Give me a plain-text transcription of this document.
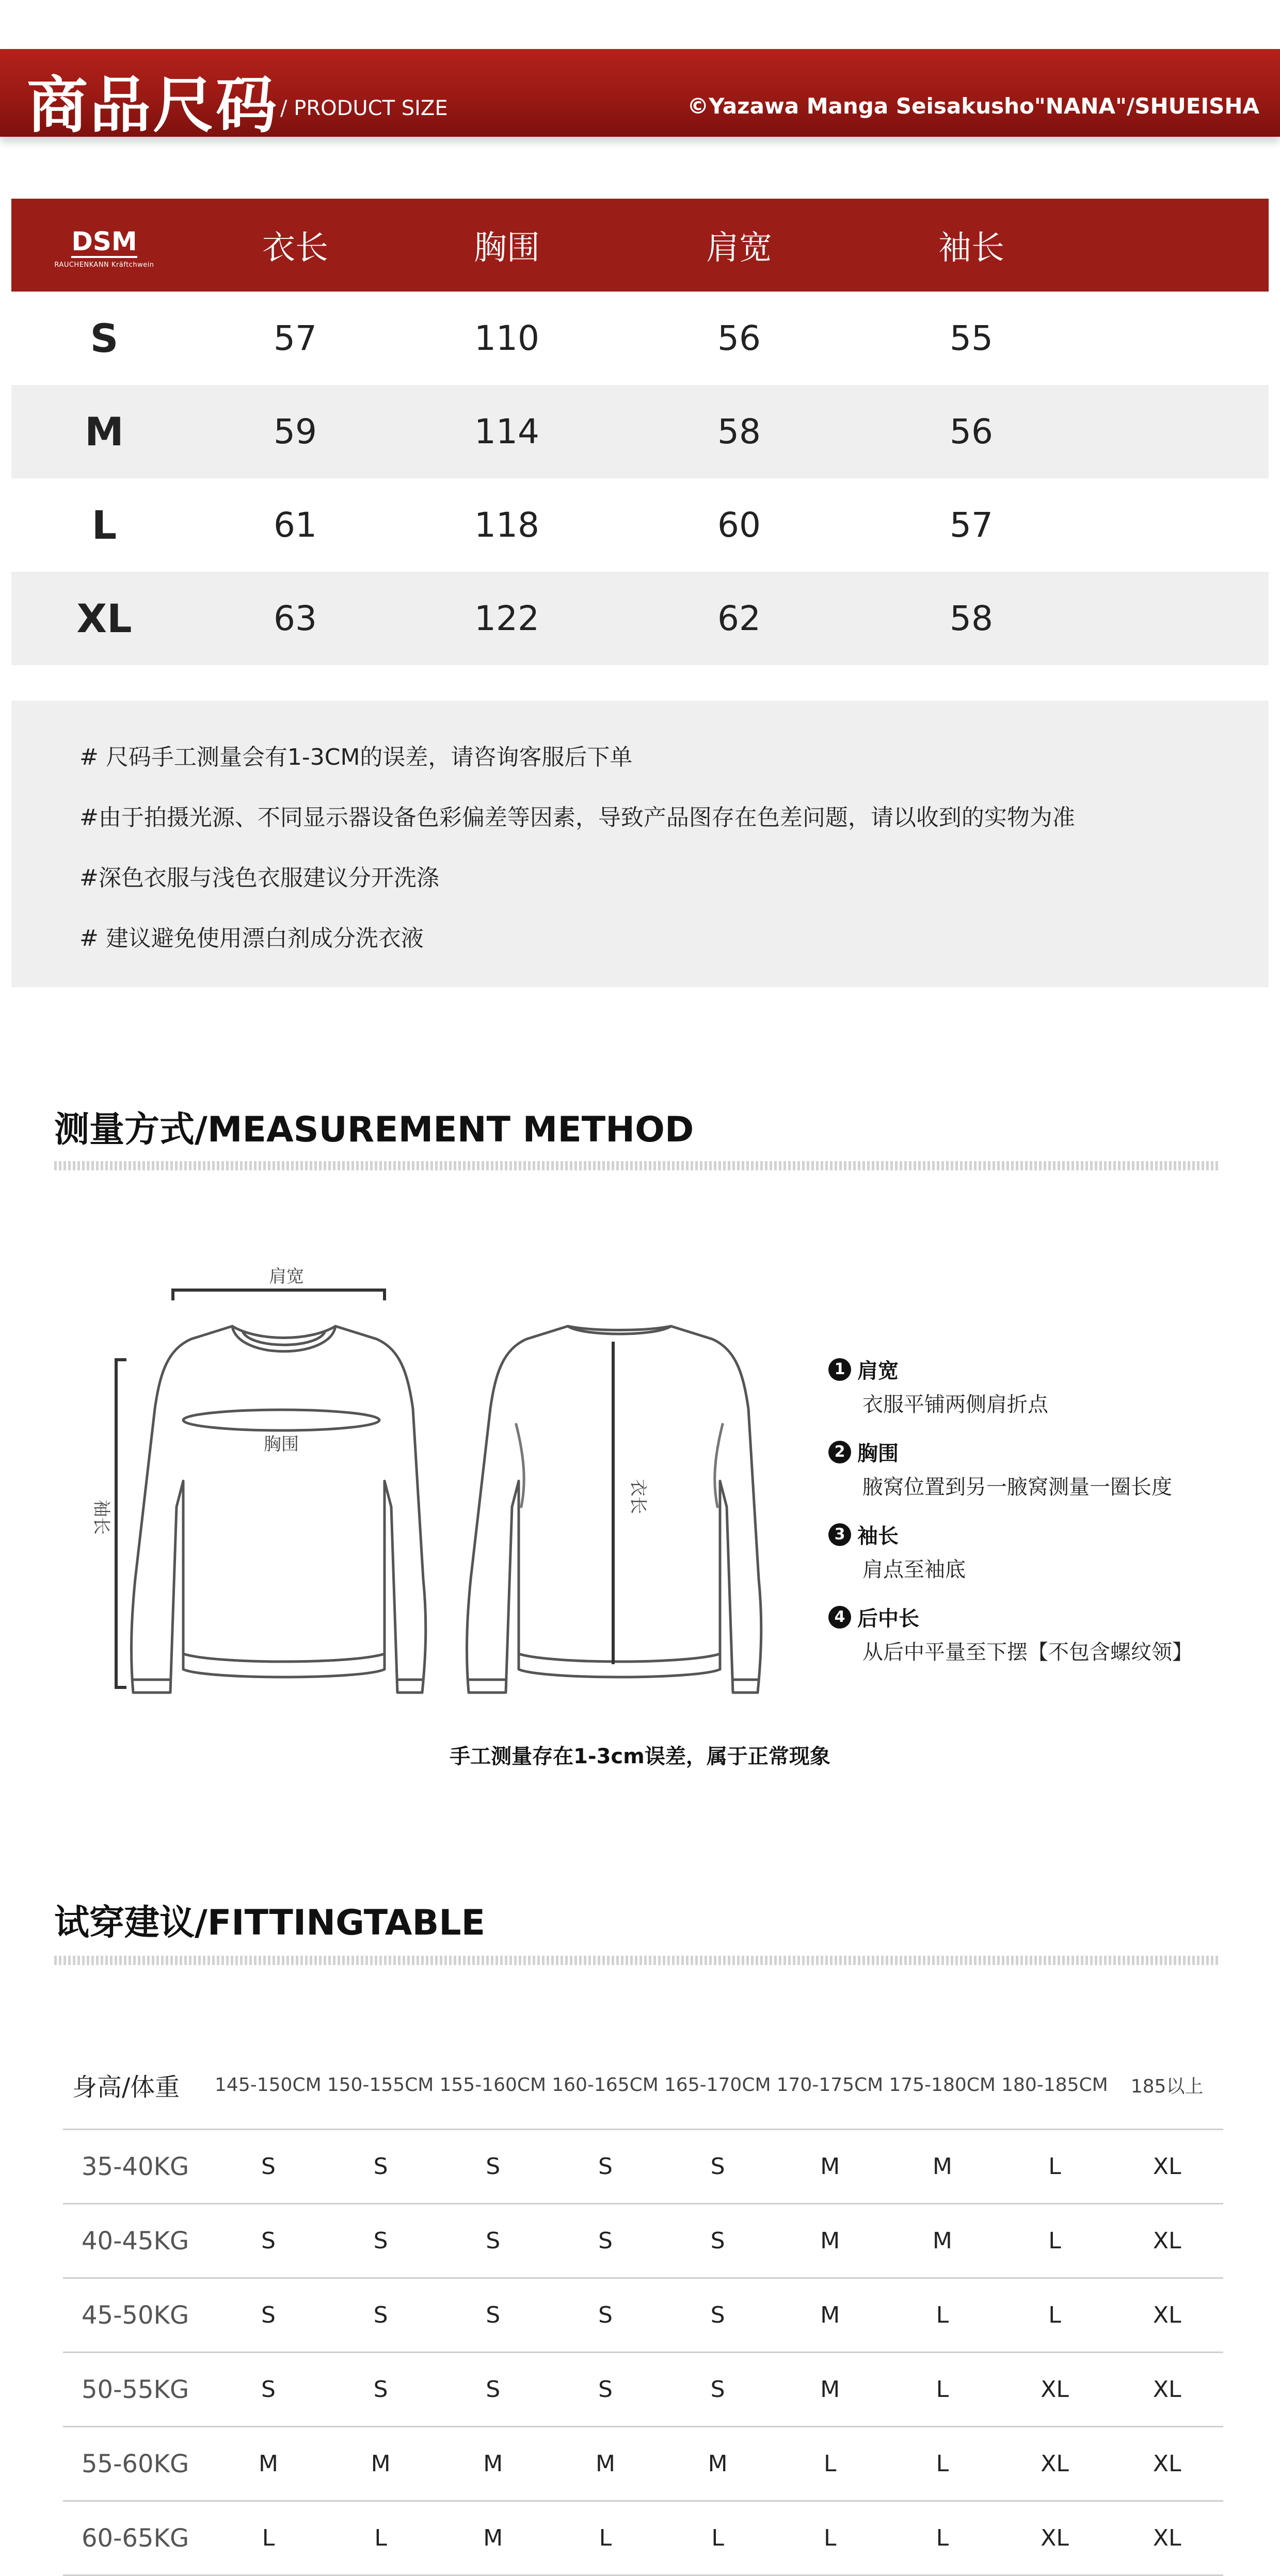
商品尺码 / PRODUCT SIZE	©Yazawa Manga Seisakusho"NANA"/SHUEISHA
DSM
RAUCHENKANN Kräftchwein	衣长	胸围	肩宽	袖长
S	57	110	56	55
M	59	114	58	56
L	61	118	60	57
XL	63	122	62	58
# 尺码手工测量会有1-3CM的误差，请咨询客服后下单
#由于拍摄光源、不同显示器设备色彩偏差等因素，导致产品图存在色差问题，请以收到的实物为准
#深色衣服与浅色衣服建议分开洗涤
# 建议避免使用漂白剂成分洗衣液
测量方式/MEASUREMENT METHOD
肩宽
胸围
袖长
衣长
1 肩宽
衣服平铺两侧肩折点
2 胸围
腋窝位置到另一腋窝测量一圈长度
3 袖长
肩点至袖底
4 后中长
从后中平量至下摆【不包含螺纹领】
手工测量存在1-3cm误差，属于正常现象
试穿建议/FITTINGTABLE
身高/体重	145-150CM 150-155CM 155-160CM 160-165CM 165-170CM 170-175CM 175-180CM 180-185CM	185以上
35-40KG	S	S	S	S	S	M	M	L	XL
40-45KG	S	S	S	S	S	M	M	L	XL
45-50KG	S	S	S	S	S	M	L	L	XL
50-55KG	S	S	S	S	S	M	L	XL	XL
55-60KG	M	M	M	M	M	L	L	XL	XL
60-65KG	L	L	M	L	L	L	L	XL	XL
